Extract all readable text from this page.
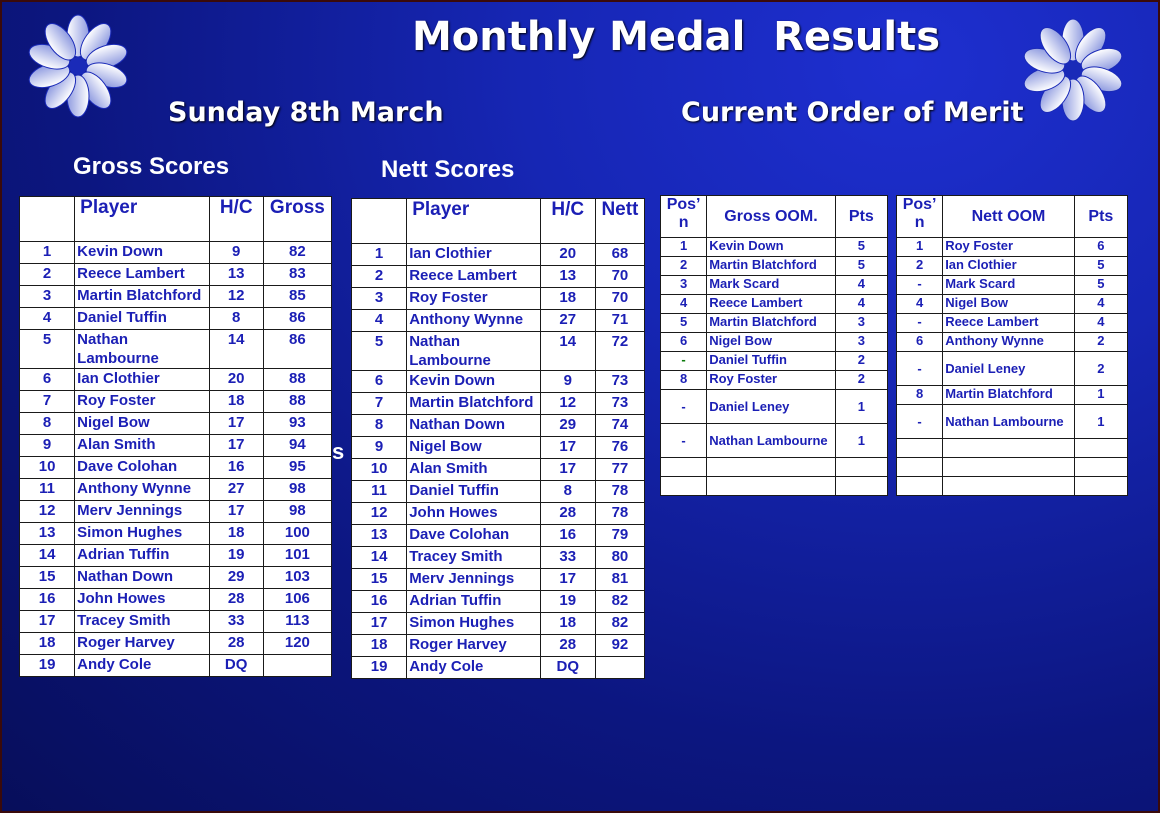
Monthly Medal  Results
Sunday 8th March	Current Order of Merit
Gross Scores	Nett Scores
s
	Player	H/C	Gross
1	Kevin Down	9	82
2	Reece Lambert	13	83
3	Martin Blatchford	12	85
4	Daniel Tuffin	8	86
5	Nathan Lambourne	14	86
6	Ian Clothier	20	88
7	Roy Foster	18	88
8	Nigel Bow	17	93
9	Alan Smith	17	94
10	Dave Colohan	16	95
11	Anthony Wynne	27	98
12	Merv Jennings	17	98
13	Simon Hughes	18	100
14	Adrian Tuffin	19	101
15	Nathan Down	29	103
16	John Howes	28	106
17	Tracey Smith	33	113
18	Roger Harvey	28	120
19	Andy Cole	DQ	
	Player	H/C	Nett
1	Ian Clothier	20	68
2	Reece Lambert	13	70
3	Roy Foster	18	70
4	Anthony Wynne	27	71
5	Nathan Lambourne	14	72
6	Kevin Down	9	73
7	Martin Blatchford	12	73
8	Nathan Down	29	74
9	Nigel Bow	17	76
10	Alan Smith	17	77
11	Daniel Tuffin	8	78
12	John Howes	28	78
13	Dave Colohan	16	79
14	Tracey Smith	33	80
15	Merv Jennings	17	81
16	Adrian Tuffin	19	82
17	Simon Hughes	18	82
18	Roger Harvey	28	92
19	Andy Cole	DQ	
Pos’ n	Gross OOM.	Pts
1	Kevin Down	5
2	Martin Blatchford	5
3	Mark Scard	4
4	Reece Lambert	4
5	Martin Blatchford	3
6	Nigel Bow	3
-	Daniel Tuffin	2
8	Roy Foster	2
-	Daniel Leney	1
-	Nathan Lambourne	1

Pos’ n	Nett OOM	Pts
1	Roy Foster	6
2	Ian Clothier	5
-	Mark Scard	5
4	Nigel Bow	4
-	Reece Lambert	4
6	Anthony Wynne	2
-	Daniel Leney	2
8	Martin Blatchford	1
-	Nathan Lambourne	1
